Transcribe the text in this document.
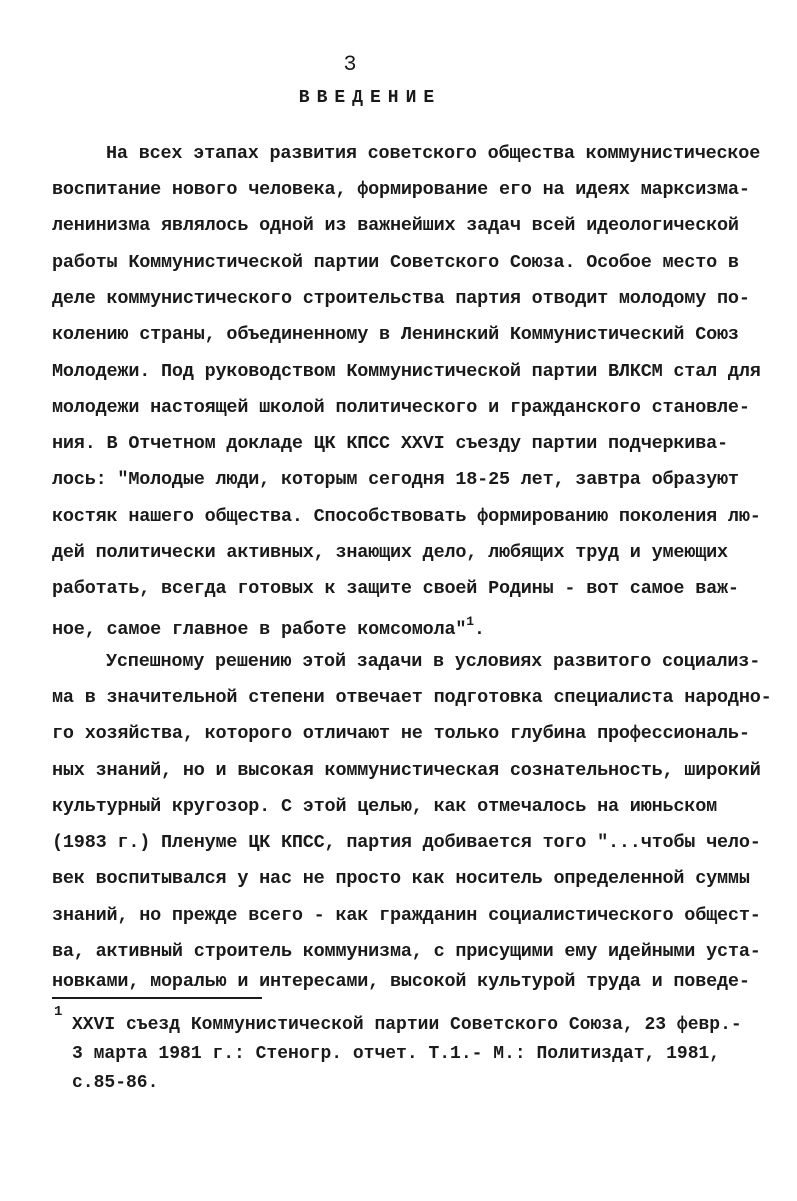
3
ВВЕДЕНИЕ
На всех этапах развития советского общества коммунистическое
воспитание нового человека, формирование его на идеях марксизма-
ленинизма являлось одной из важнейших задач всей идеологической
работы Коммунистической партии Советского Союза. Особое место в
деле коммунистического строительства партия отводит молодому по-
колению страны, объединенному в Ленинский Коммунистический Союз
Молодежи. Под руководством Коммунистической партии ВЛКСМ стал для
молодежи настоящей школой политического и гражданского становле-
ния. В Отчетном докладе ЦК КПСС XXVI съезду партии подчеркива-
лось: "Молодые люди, которым сегодня 18-25 лет, завтра образуют
костяк нашего общества. Способствовать формированию поколения лю-
дей политически активных, знающих дело, любящих труд и умеющих
работать, всегда готовых к защите своей Родины - вот самое важ-
ное, самое главное в работе комсомола"$^1$.
Успешному решению этой задачи в условиях развитого социализ-
ма в значительной степени отвечает подготовка специалиста народно-
го хозяйства, которого отличают не только глубина профессиональ-
ных знаний, но и высокая коммунистическая сознательность, широкий
культурный кругозор. С этой целью, как отмечалось на июньском
(1983 г.) Пленуме ЦК КПСС, партия добивается того "...чтобы чело-
век воспитывался у нас не просто как носитель определенной суммы
знаний, но прежде всего - как гражданин социалистического общест-
ва, активный строитель коммунизма, с присущими ему идейными уста-
новками, моралью и интересами, высокой культурой труда и поведе-
1
XXVI съезд Коммунистической партии Советского Союза, 23 февр.-
3 марта 1981 г.: Стеногр. отчет. Т.1.- М.: Политиздат, 1981,
с.85-86.
